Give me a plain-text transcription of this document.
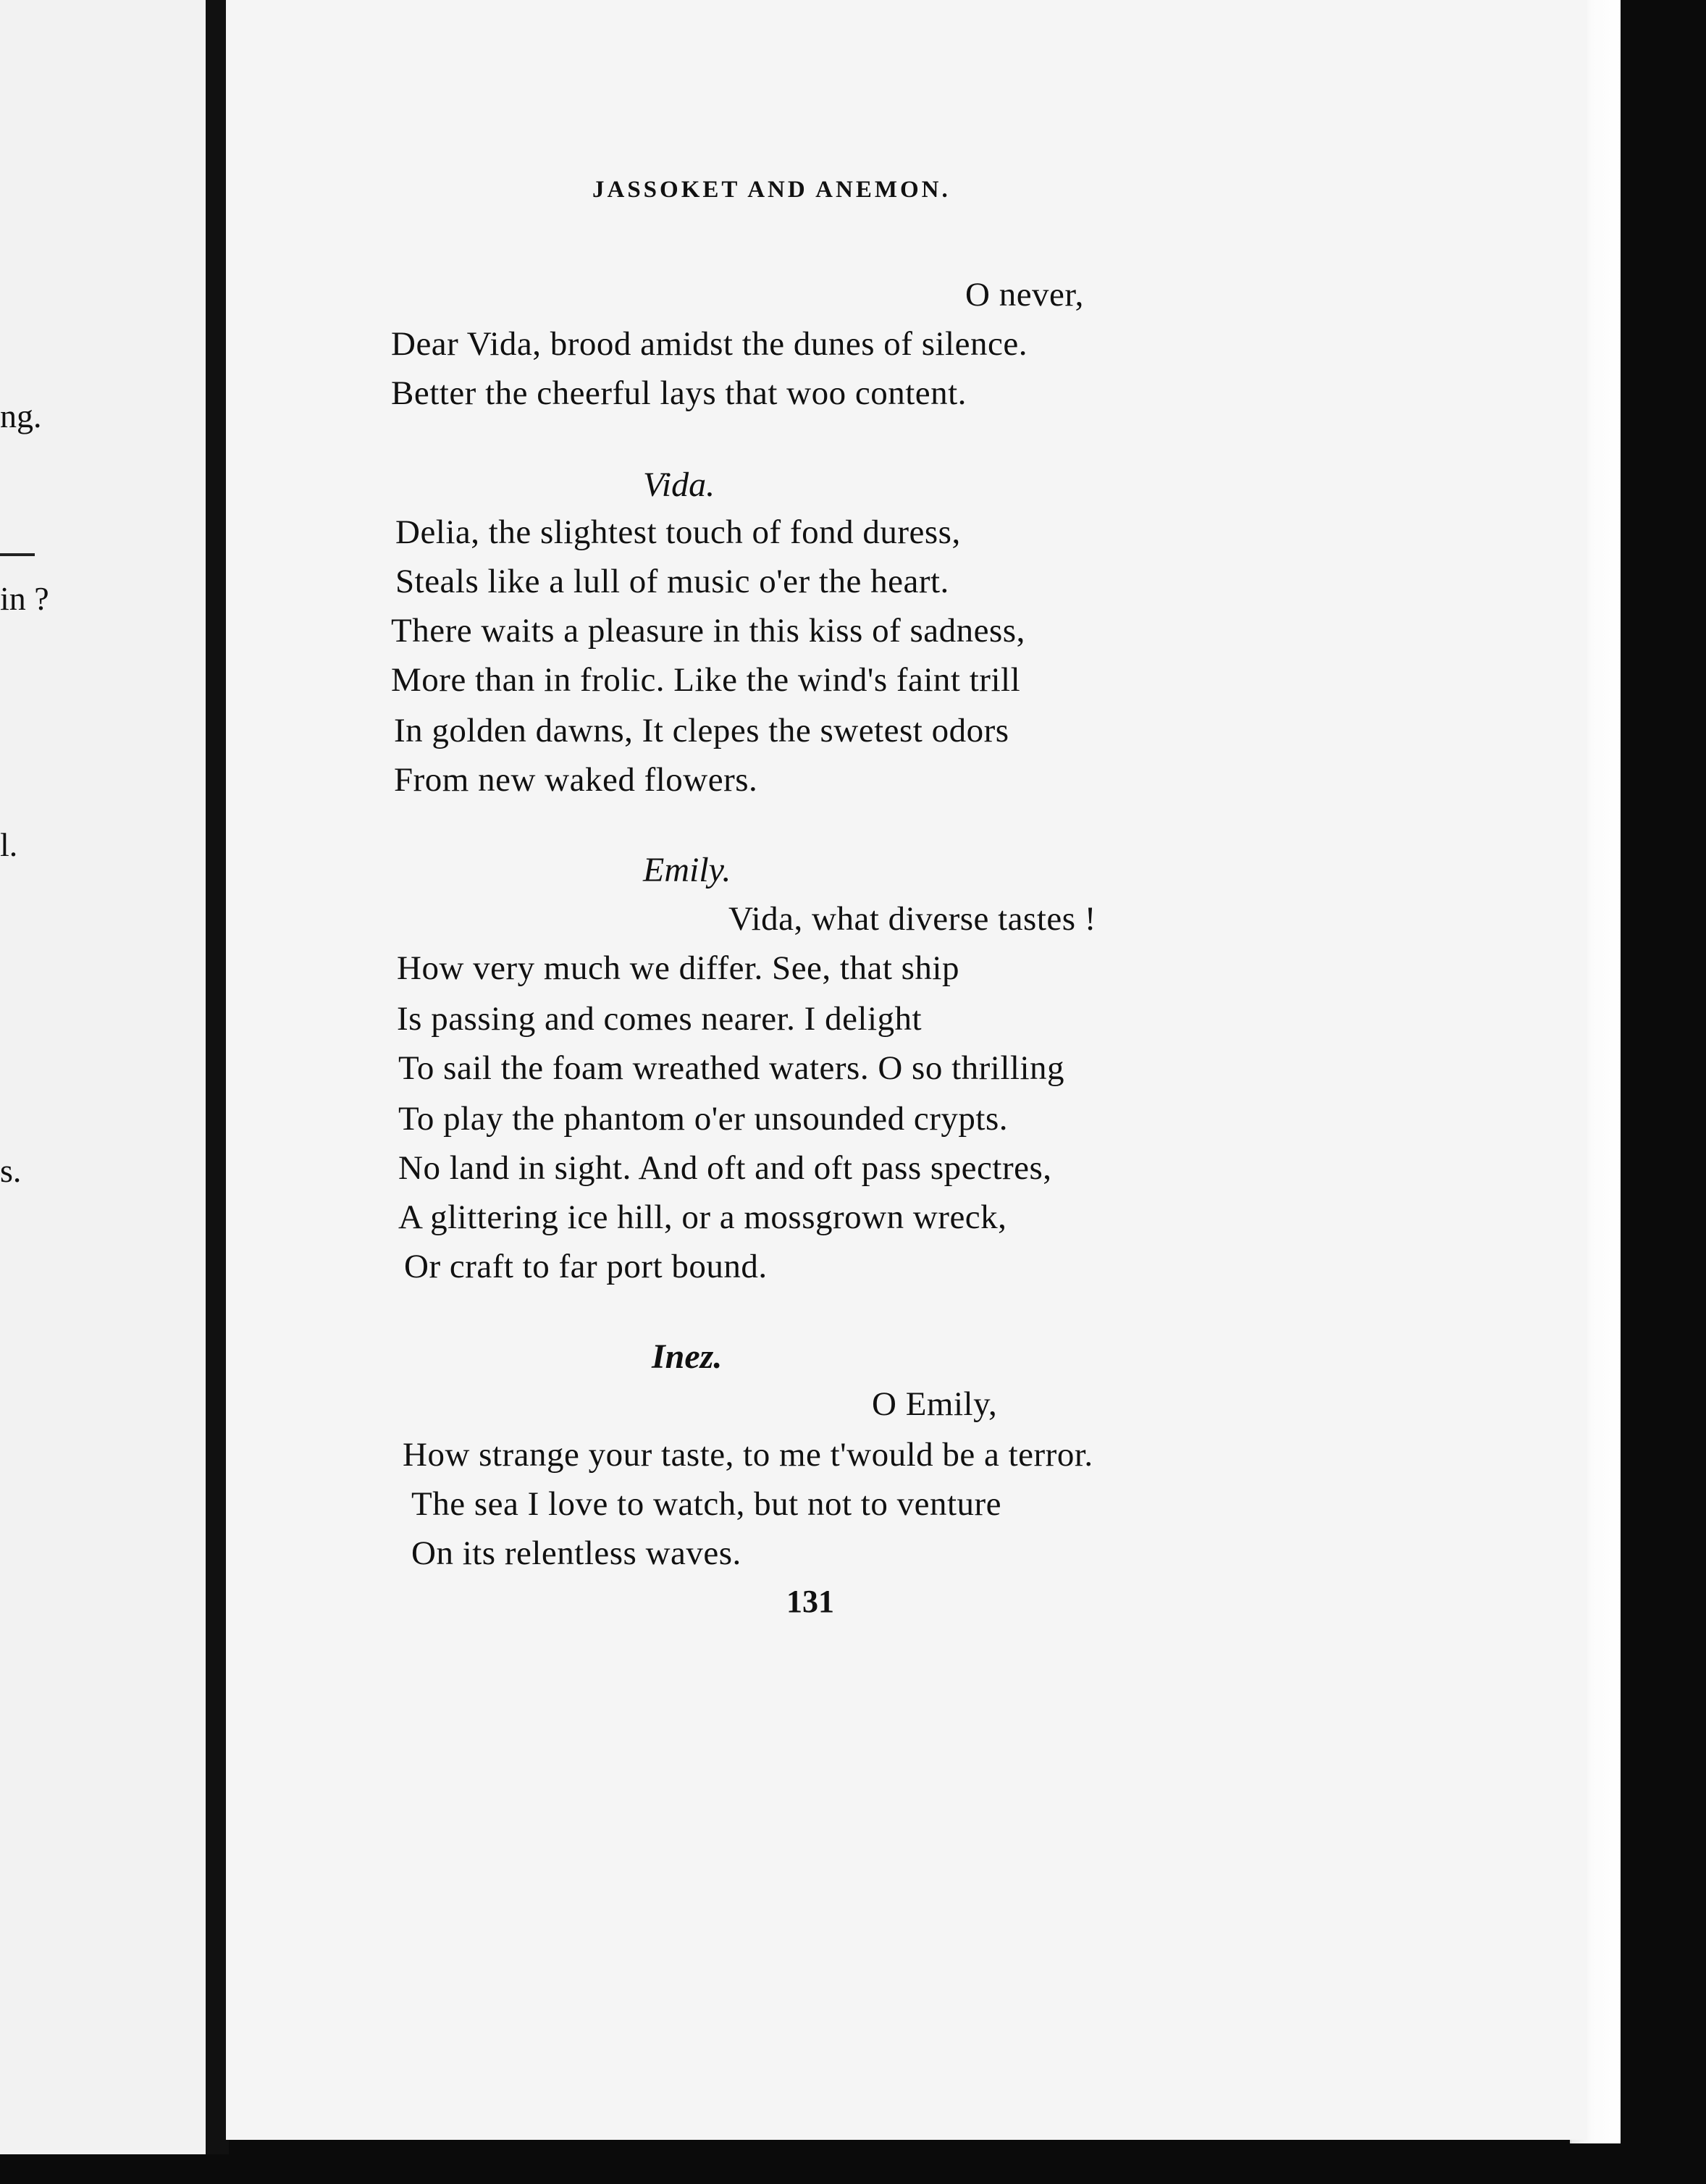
ng.
in ?
l.
s.
JASSOKET AND ANEMON.
O never,
Dear Vida, brood amidst the dunes of silence.
Better the cheerful lays that woo content.
Vida.
Delia, the slightest touch of fond duress,
Steals like a lull of music o'er the heart.
There waits a pleasure in this kiss of sadness,
More than in frolic. Like the wind's faint trill
In golden dawns, It clepes the swetest odors
From new waked flowers.
Emily.
Vida, what diverse tastes !
How very much we differ. See, that ship
Is passing and comes nearer. I delight
To sail the foam wreathed waters. O so thrilling
To play the phantom o'er unsounded crypts.
No land in sight. And oft and oft pass spectres,
A glittering ice hill, or a mossgrown wreck,
Or craft to far port bound.
Inez.
O Emily,
How strange your taste, to me t'would be a terror.
The sea I love to watch, but not to venture
On its relentless waves.
131
